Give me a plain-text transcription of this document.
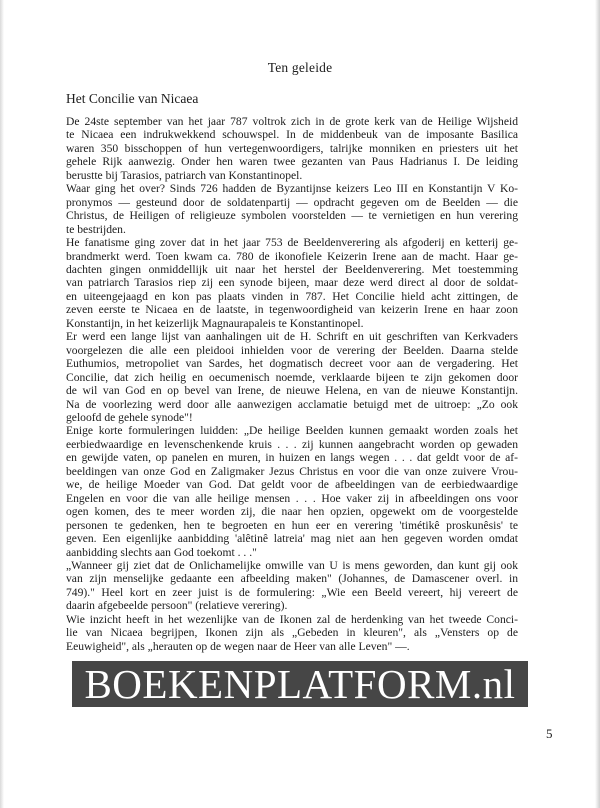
Ten geleide
Het Concilie van Nicaea
De 24ste september van het jaar 787 voltrok zich in de grote kerk van de Heilige Wijsheid
te Nicaea een indrukwekkend schouwspel. In de middenbeuk van de imposante Basilica
waren 350 bisschoppen of hun vertegenwoordigers, talrijke monniken en priesters uit het
gehele Rijk aanwezig. Onder hen waren twee gezanten van Paus Hadrianus I. De leiding
berustte bij Tarasios, patriarch van Konstantinopel.
Waar ging het over? Sinds 726 hadden de Byzantijnse keizers Leo III en Konstantijn V Ko-
pronymos — gesteund door de soldatenpartij — opdracht gegeven om de Beelden — die
Christus, de Heiligen of religieuze symbolen voorstelden — te vernietigen en hun verering
te bestrijden.
He fanatisme ging zover dat in het jaar 753 de Beeldenverering als afgoderij en ketterij ge-
brandmerkt werd. Toen kwam ca. 780 de ikonofiele Keizerin Irene aan de macht. Haar ge-
dachten gingen onmiddellijk uit naar het herstel der Beeldenverering. Met toestemming
van patriarch Tarasios riep zij een synode bijeen, maar deze werd direct al door de soldat-
en uiteengejaagd en kon pas plaats vinden in 787. Het Concilie hield acht zittingen, de
zeven eerste te Nicaea en de laatste, in tegenwoordigheid van keizerin Irene en haar zoon
Konstantijn, in het keizerlijk Magnaurapaleis te Konstantinopel.
Er werd een lange lijst van aanhalingen uit de H. Schrift en uit geschriften van Kerkvaders
voorgelezen die alle een pleidooi inhielden voor de verering der Beelden. Daarna stelde
Euthumios, metropoliet van Sardes, het dogmatisch decreet voor aan de vergadering. Het
Concilie, dat zich heilig en oecumenisch noemde, verklaarde bijeen te zijn gekomen door
de wil van God en op bevel van Irene, de nieuwe Helena, en van de nieuwe Konstantijn.
Na de voorlezing werd door alle aanwezigen acclamatie betuigd met de uitroep: „Zo ook
geloofd de gehele synode"!
Enige korte formuleringen luidden: „De heilige Beelden kunnen gemaakt worden zoals het
eerbiedwaardige en levenschenkende kruis . . . zij kunnen aangebracht worden op gewaden
en gewijde vaten, op panelen en muren, in huizen en langs wegen . . . dat geldt voor de af-
beeldingen van onze God en Zaligmaker Jezus Christus en voor die van onze zuivere Vrou-
we, de heilige Moeder van God. Dat geldt voor de afbeeldingen van de eerbiedwaardige
Engelen en voor die van alle heilige mensen . . . Hoe vaker zij in afbeeldingen ons voor
ogen komen, des te meer worden zij, die naar hen opzien, opgewekt om de voorgestelde
personen te gedenken, hen te begroeten en hun eer en verering 'timétikê proskunêsis' te
geven. Een eigenlijke aanbidding 'alêtinê latreia' mag niet aan hen gegeven worden omdat
aanbidding slechts aan God toekomt . . ."
„Wanneer gij ziet dat de Onlichamelijke omwille van U is mens geworden, dan kunt gij ook
van zijn menselijke gedaante een afbeelding maken" (Johannes, de Damascener overl. in
749)." Heel kort en zeer juist is de formulering: „Wie een Beeld vereert, hij vereert de
daarin afgebeelde persoon" (relatieve verering).
Wie inzicht heeft in het wezenlijke van de Ikonen zal de herdenking van het tweede Conci-
lie van Nicaea begrijpen, Ikonen zijn als „Gebeden in kleuren", als „Vensters op de
Eeuwigheid", als „herauten op de wegen naar de Heer van alle Leven" —.
BOEKENPLATFORM.nl
5
